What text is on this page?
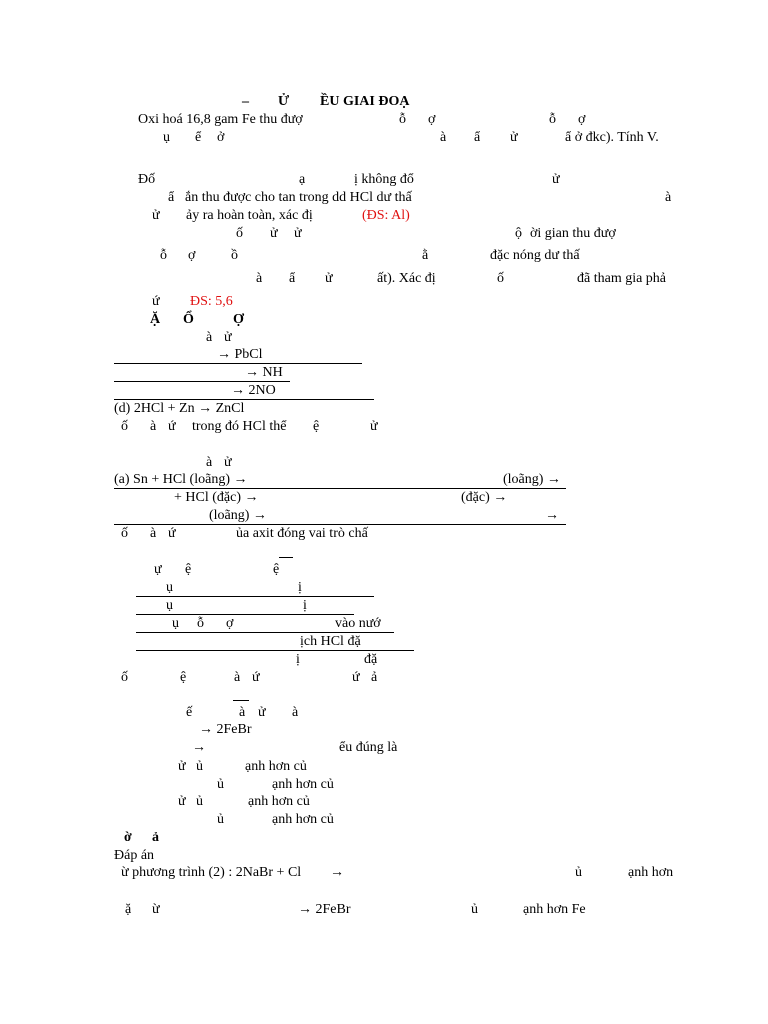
– Ử ỀU GIAI ĐOẠ
Oxi hoá 16,8 gam Fe thu đượ	ỗ ợ	ỗ ợ
ụ ể ở	à ẩ ử	ẩ ở đkc). Tính V.
Đố	ạ	ị không đổ	ử
ẩ ắn thu được cho tan trong dd HCl dư thấ	à
ử ảy ra hoàn toàn, xác đị	(ĐS: Al)
ố ử ử	ộ ời gian thu đượ
ỗ ợ	ồ	ằ	đặc nóng dư thấ
à ẩ ử	ất). Xác đị	ố	đã tham gia phả
ứ ĐS: 5,6
Ặ Ổ	Ợ
à ử
→ PbCl
→ NH
→ 2NO
(d) 2HCl + Zn → ZnCl
ố à ứ trong đó HCl thể ệ	ử
à ử
(a) Sn + HCl (loãng) →	(loãng) →
+ HCl (đặc) →	(đặc) →
(loãng) →	→
ố à ứ	ủa axit đóng vai trò chấ
ự ệ	ệ
ụ	ị
ụ	ị
ụ ỗ ợ	vào nướ
ịch HCl đặ
ị	đặ
ố	ệ	à ứ	ứ ả
ế	à ử à
→ 2FeBr
→	ểu đúng là
ử ủ	ạnh hơn củ
ủ	ạnh hơn củ
ử ủ	ạnh hơn củ
ủ	ạnh hơn củ
ờ ả
Đáp án
ừ phương trình (2) : 2NaBr + Cl →	ủ	ạnh hơn
ặ ừ	→ 2FeBr	ủ	ạnh hơn Fe
